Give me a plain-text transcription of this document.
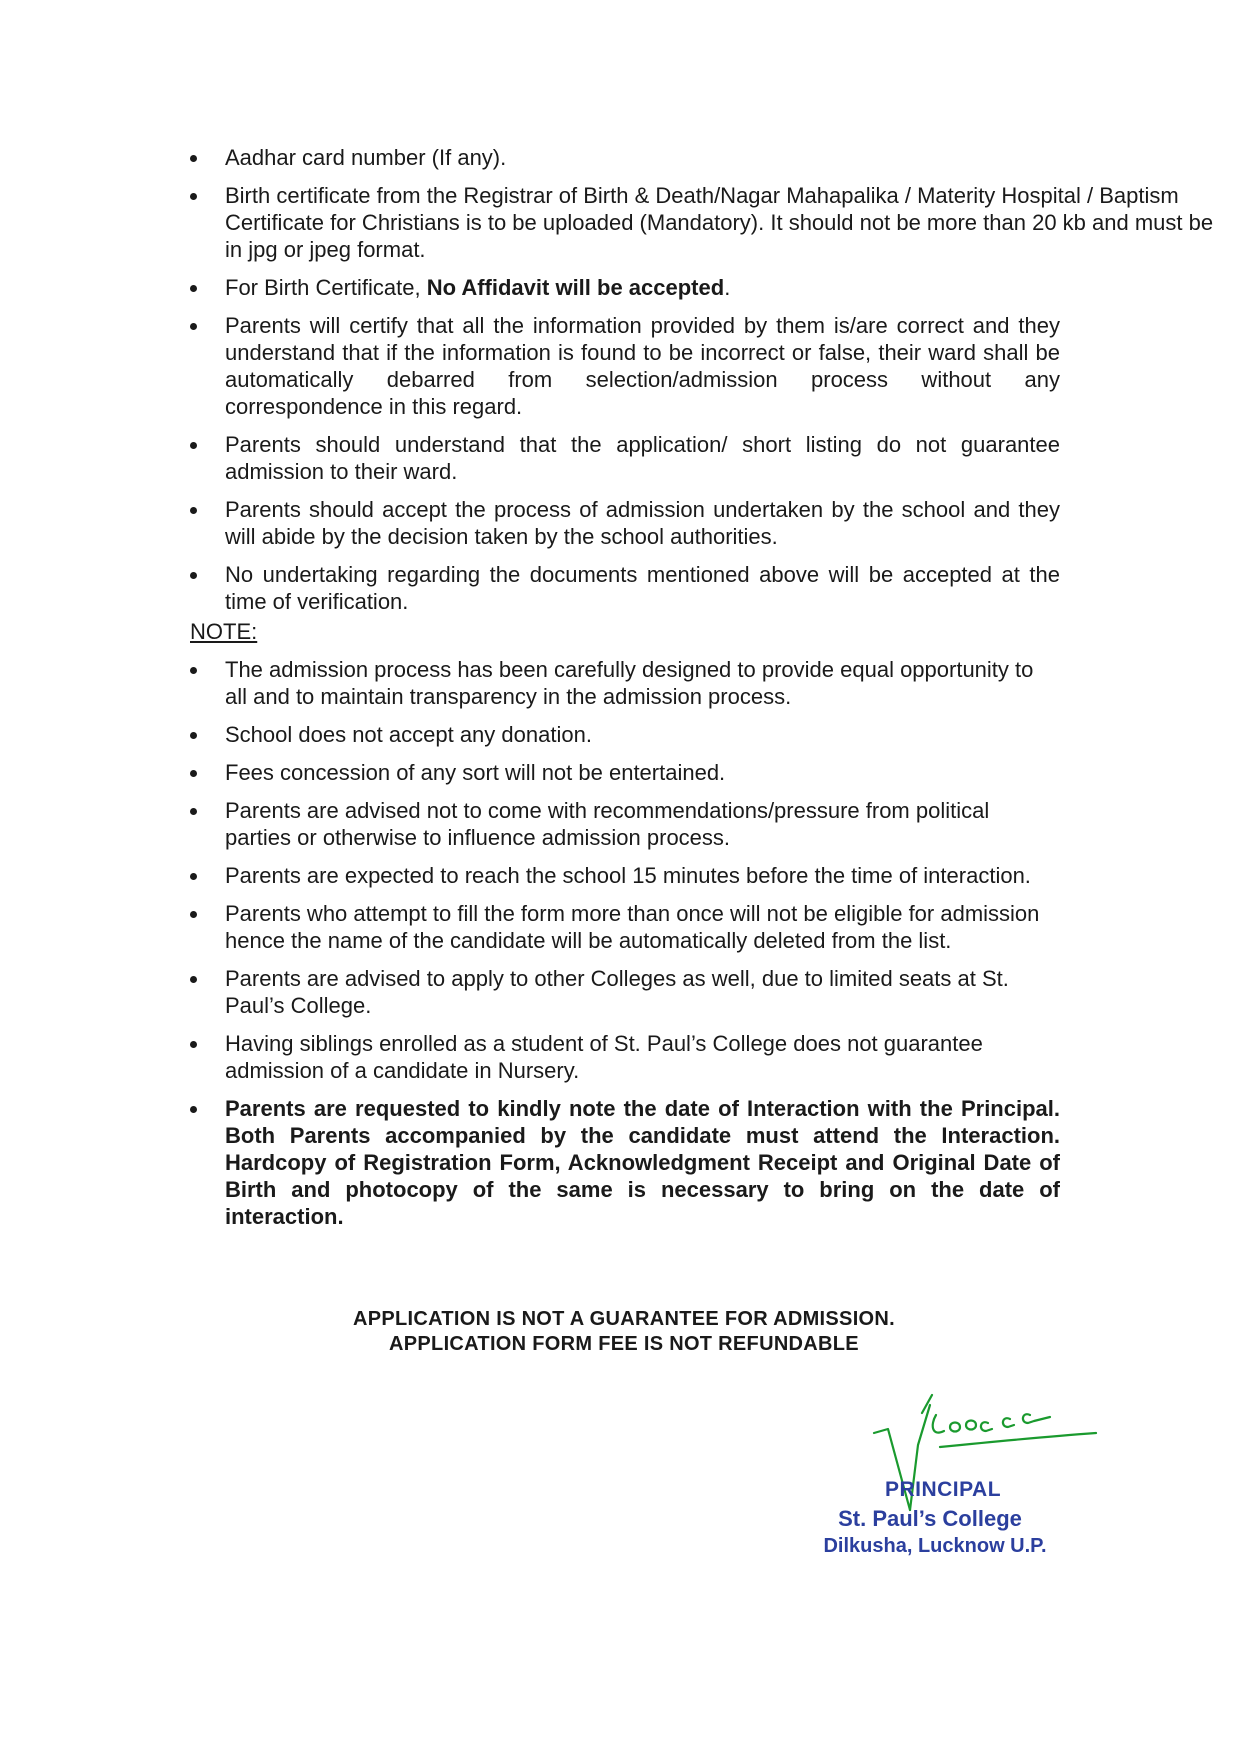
Aadhar card number (If any).
Birth certificate from the Registrar of Birth & Death/Nagar Mahapalika / Materity Hospital / Baptism Certificate for Christians is to be uploaded (Mandatory). It should not be more than 20 kb and must be in jpg or jpeg format.
For Birth Certificate, No Affidavit will be accepted.
Parents will certify that all the information provided by them is/are correct and they understand that if the information is found to be incorrect or false, their ward shall be automatically debarred from selection/admission process without any correspondence in this regard.
Parents should understand that the application/ short listing do not guarantee admission to their ward.
Parents should accept the process of admission undertaken by the school and they will abide by the decision taken by the school authorities.
No undertaking regarding the documents mentioned above will be accepted at the time of verification.
NOTE:
The admission process has been carefully designed to provide equal opportunity to all and to maintain transparency in the admission process.
School does not accept any donation.
Fees concession of any sort will not be entertained.
Parents are advised not to come with recommendations/pressure from political parties or otherwise to influence admission process.
Parents are expected to reach the school 15 minutes before the time of interaction.
Parents who attempt to fill the form more than once will not be eligible for admission hence the name of the candidate will be automatically deleted from the list.
Parents are advised to apply to other Colleges as well, due to limited seats at St. Paul’s College.
Having siblings enrolled as a student of St. Paul’s College does not guarantee admission of a candidate in Nursery.
Parents are requested to kindly note the date of Interaction with the Principal. Both Parents accompanied by the candidate must attend the Interaction. Hardcopy of Registration Form, Acknowledgment Receipt and Original Date of Birth and photocopy of the same is necessary to bring on the date of interaction.
APPLICATION IS NOT A GUARANTEE FOR ADMISSION.
APPLICATION FORM FEE IS NOT REFUNDABLE
PRINCIPAL
St. Paul’s College
Dilkusha, Lucknow U.P.
